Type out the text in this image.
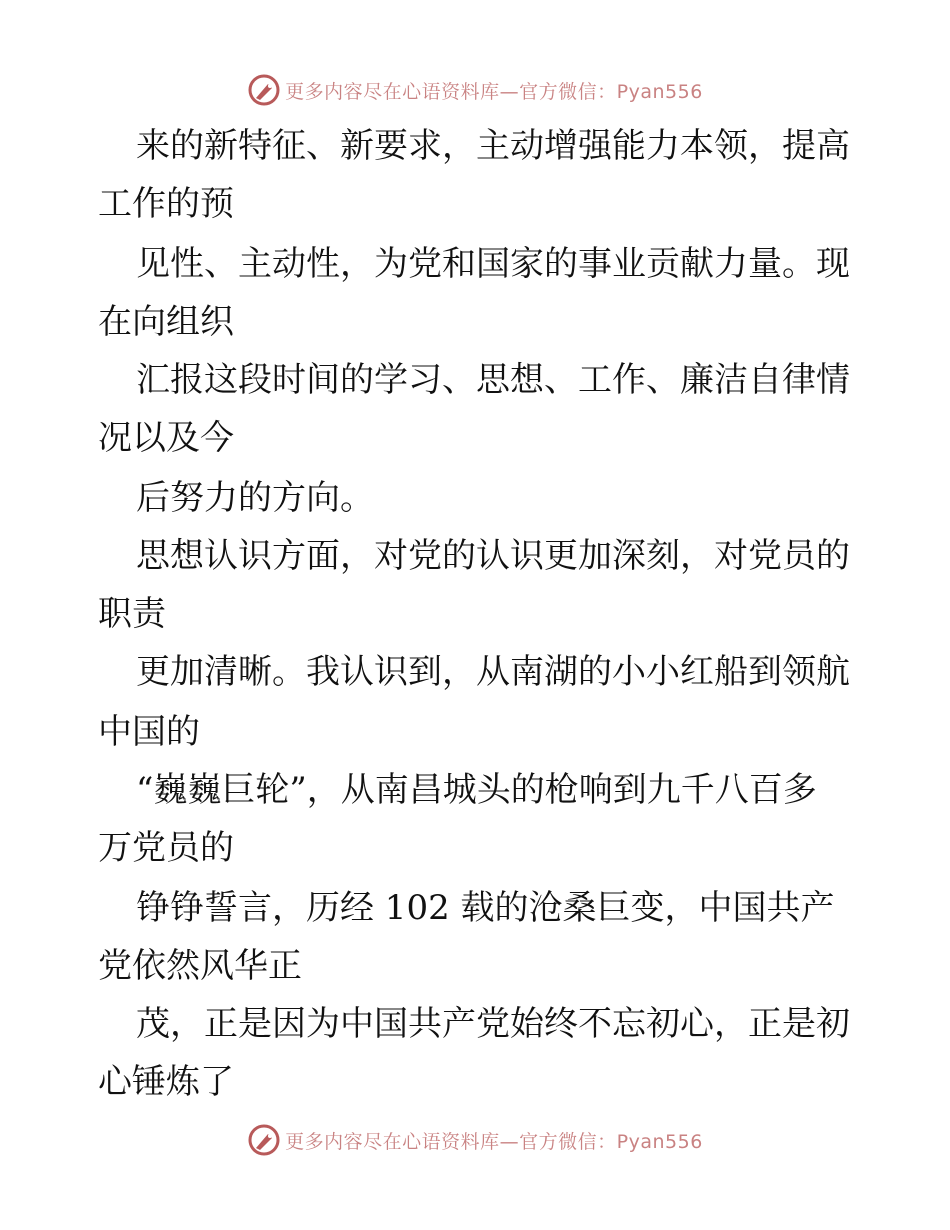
更多内容尽在心语资料库—官方微信：Pyan556
来的新特征、新要求，主动增强能力本领，提高
工作的预
见性、主动性，为党和国家的事业贡献力量。现
在向组织
汇报这段时间的学习、思想、工作、廉洁自律情
况以及今
后努力的方向。
思想认识方面，对党的认识更加深刻，对党员的
职责
更加清晰。我认识到，从南湖的小小红船到领航
中国的
“巍巍巨轮”，从南昌城头的枪响到九千八百多
万党员的
铮铮誓言，历经 102 载的沧桑巨变，中国共产
党依然风华正
茂，正是因为中国共产党始终不忘初心，正是初
心锤炼了
更多内容尽在心语资料库—官方微信：Pyan556
